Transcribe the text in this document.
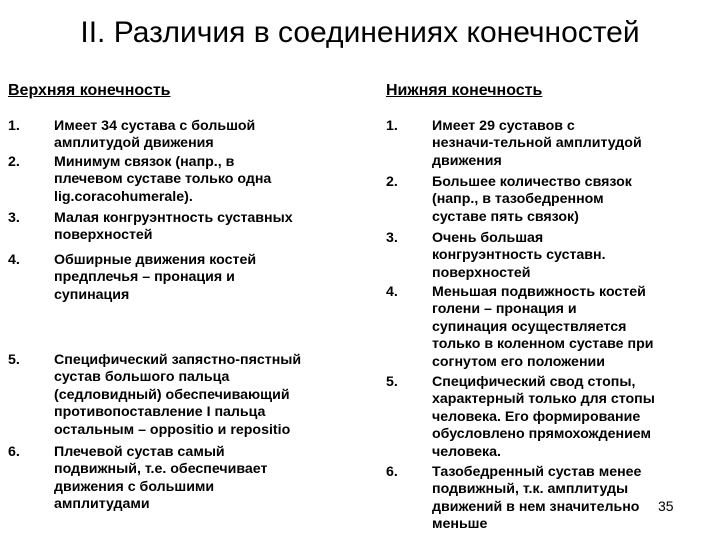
II. Различия в соединениях конечностей
Верхняя конечность	Нижняя конечность
1. Имеет 34 сустава с большой
амплитудой движения
2. Минимум связок (напр., в
плечевом суставе только одна
lig.coracohumerale).
3. Малая конгруэнтность суставных
поверхностей
4. Обширные движения костей
предплечья – пронация и
супинация
5. Специфический запястно-пястный
сустав большого пальца
(седловидный) обеспечивающий
противопоставление I пальца
остальным – oppositio и repositio
6. Плечевой сустав самый
подвижный, т.е. обеспечивает
движения с большими
амплитудами
1. Имеет 29 суставов с
незначи-тельной амплитудой
движения
2. Большее количество связок
(напр., в тазобедренном
суставе пять связок)
3. Очень большая
конгруэнтность суставн.
поверхностей
4. Меньшая подвижность костей
голени – пронация и
супинация осуществляется
только в коленном суставе при
согнутом его положении
5. Специфический свод стопы,
характерный только для стопы
человека. Его формирование
обусловлено прямохождением
человека.
6. Тазобедренный сустав менее
подвижный, т.к. амплитуды
движений в нем значительно
меньше
35
